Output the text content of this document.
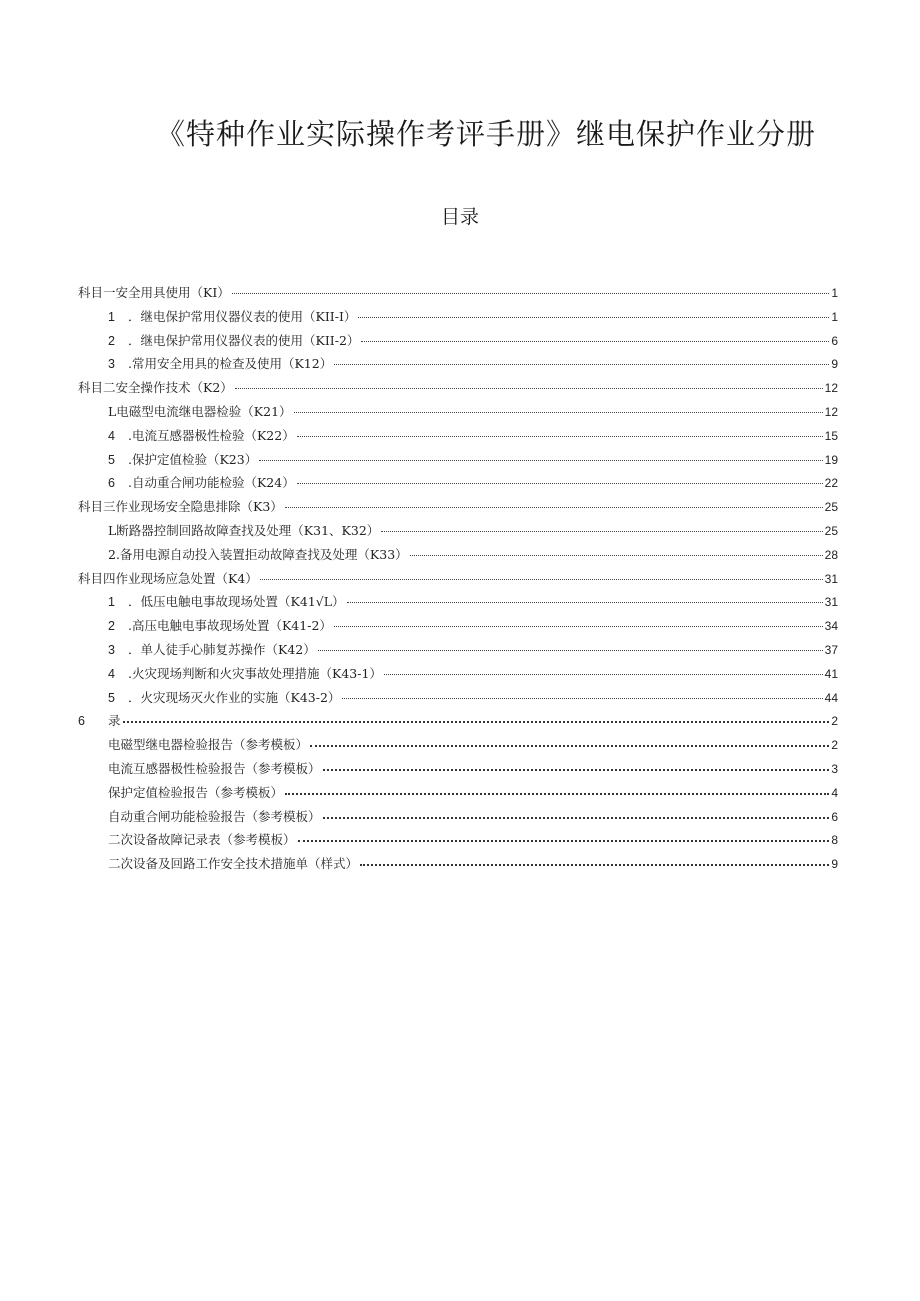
《特种作业实际操作考评手册》继电保护作业分册
目录
科目一安全用具使用（KI）	1
1	．继电保护常用仪器仪表的使用（KII-I）	1
2	．继电保护常用仪器仪表的使用（KII-2）	6
3	.常用安全用具的检查及使用（K12）	9
科目二安全操作技术（K2）	12
L电磁型电流继电器检验（K21）	12
4	.电流互感器极性检验（K22）	15
5	.保护定值检验（K23）	19
6	.自动重合闸功能检验（K24）	22
科目三作业现场安全隐患排除（K3）	25
L断路器控制回路故障查找及处理（K31、K32）	25
2.备用电源自动投入装置拒动故障查找及处理（K33）	28
科目四作业现场应急处置（K4）	31
1	．低压电触电事故现场处置（K41√L）	31
2	.高压电触电事故现场处置（K41-2）	34
3	．单人徒手心肺复苏操作（K42）	37
4	.火灾现场判断和火灾事故处理措施（K43-1）	41
5	．火灾现场灭火作业的实施（K43-2）	44
6	录	2
电磁型继电器检验报告（参考模板）	2
电流互感器极性检验报告（参考模板）	3
保护定值检验报告（参考模板）	4
自动重合闸功能检验报告（参考模板）	6
二次设备故障记录表（参考模板）	8
二次设备及回路工作安全技术措施单（样式）	9
